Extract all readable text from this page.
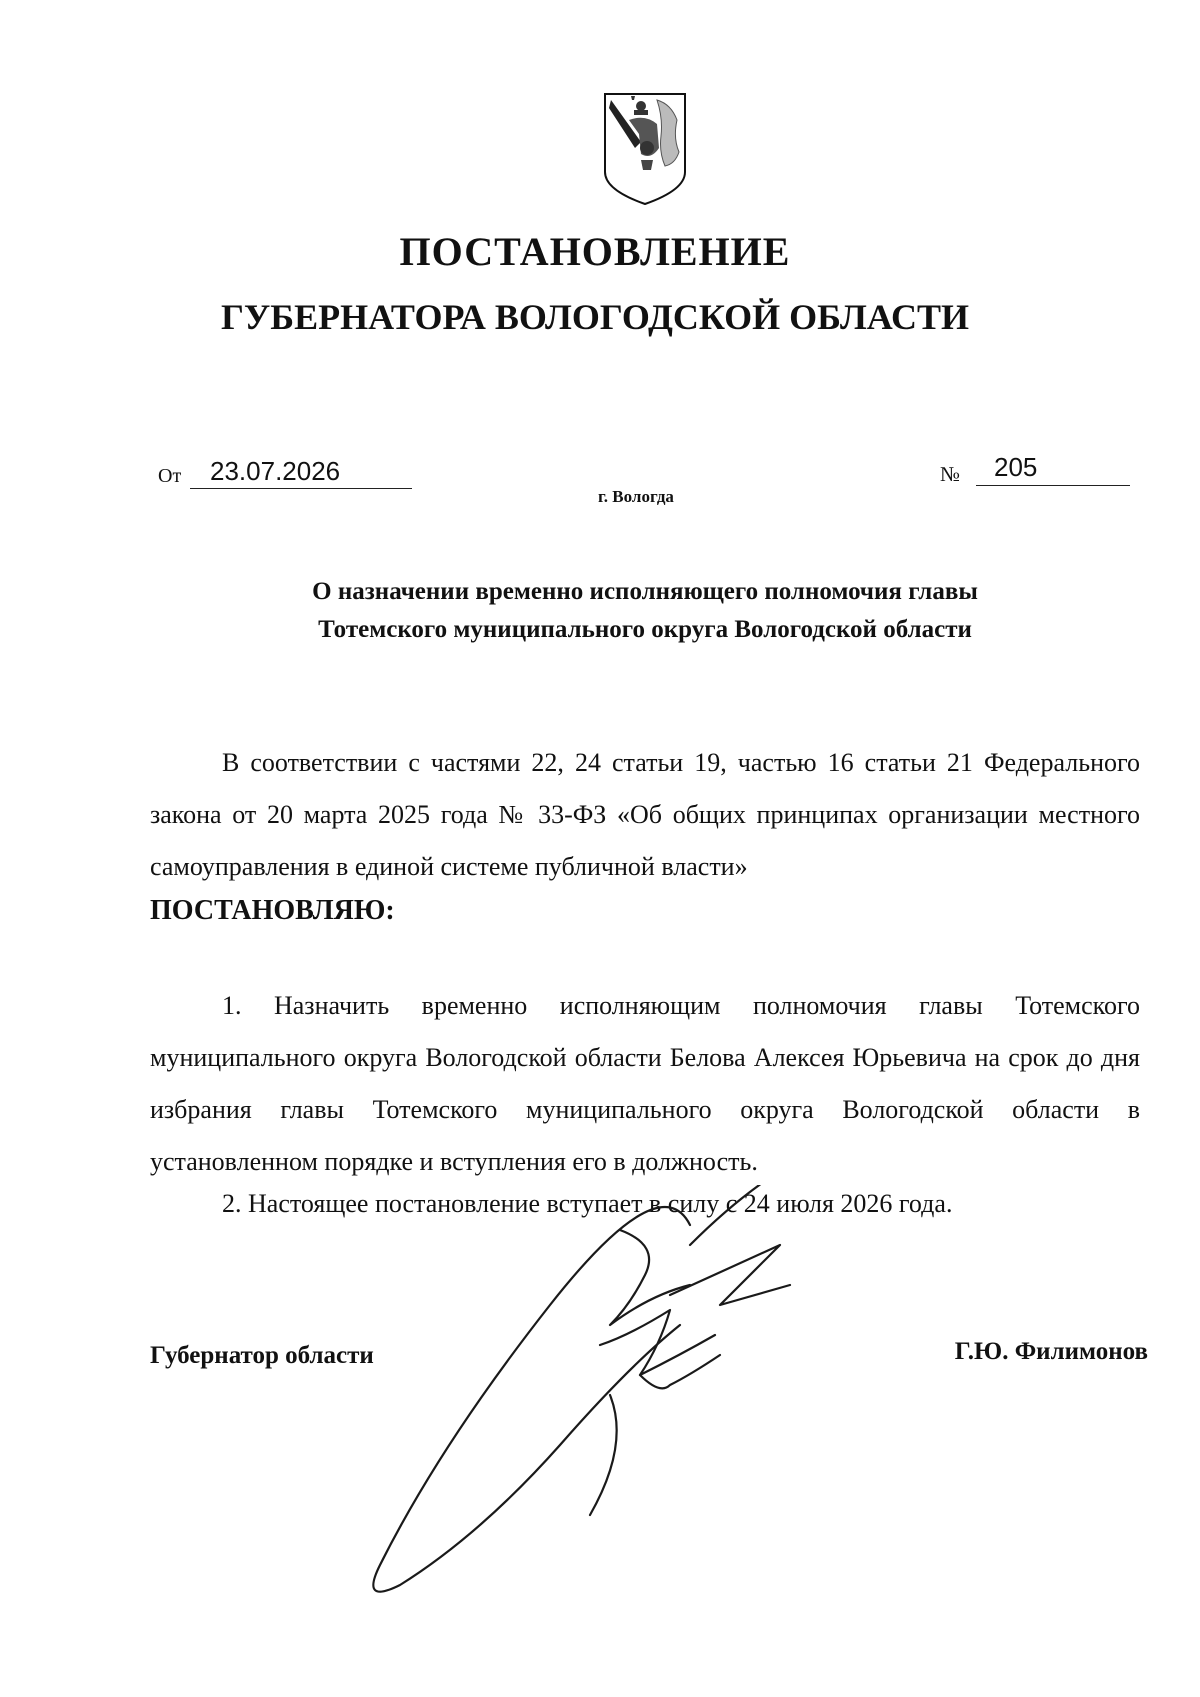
ПОСТАНОВЛЕНИЕ
ГУБЕРНАТОРА ВОЛОГОДСКОЙ ОБЛАСТИ
От	23.07.2026	№	205
г. Вологда
О назначении временно исполняющего полномочия главы
Тотемского муниципального округа Вологодской области
В соответствии с частями 22, 24 статьи 19, частью 16 статьи 21 Федерального закона от 20 марта 2025 года № 33-ФЗ «Об общих принципах организации местного самоуправления в единой системе публичной власти»
ПОСТАНОВЛЯЮ:
1. Назначить временно исполняющим полномочия главы Тотемского муниципального округа Вологодской области Белова Алексея Юрьевича на срок до дня избрания главы Тотемского муниципального округа Вологодской области в установленном порядке и вступления его в должность.
2. Настоящее постановление вступает в силу с 24 июля 2026 года.
Губернатор области	Г.Ю. Филимонов
